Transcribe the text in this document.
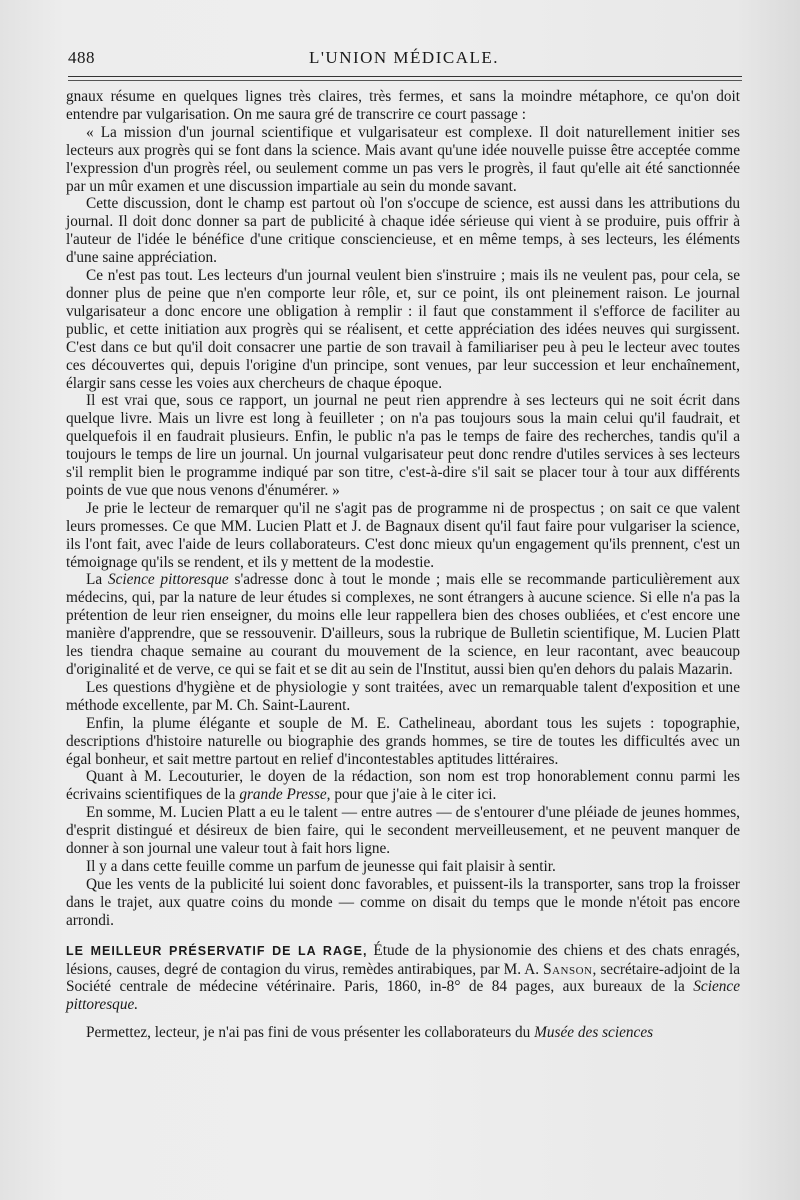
488	L'UNION MÉDICALE.

gnaux résume en quelques lignes très claires, très fermes, et sans la moindre métaphore, ce qu'on doit entendre par vulgarisation. On me saura gré de transcrire ce court passage :

« La mission d'un journal scientifique et vulgarisateur est complexe. Il doit naturellement initier ses lecteurs aux progrès qui se font dans la science. Mais avant qu'une idée nouvelle puisse être acceptée comme l'expression d'un progrès réel, ou seulement comme un pas vers le progrès, il faut qu'elle ait été sanctionnée par un mûr examen et une discussion impartiale au sein du monde savant.

Cette discussion, dont le champ est partout où l'on s'occupe de science, est aussi dans les attributions du journal. Il doit donc donner sa part de publicité à chaque idée sérieuse qui vient à se produire, puis offrir à l'auteur de l'idée le bénéfice d'une critique consciencieuse, et en même temps, à ses lecteurs, les éléments d'une saine appréciation.

Ce n'est pas tout. Les lecteurs d'un journal veulent bien s'instruire ; mais ils ne veulent pas, pour cela, se donner plus de peine que n'en comporte leur rôle, et, sur ce point, ils ont pleinement raison. Le journal vulgarisateur a donc encore une obligation à remplir : il faut que constamment il s'efforce de faciliter au public, et cette initiation aux progrès qui se réalisent, et cette appréciation des idées neuves qui surgissent. C'est dans ce but qu'il doit consacrer une partie de son travail à familiariser peu à peu le lecteur avec toutes ces découvertes qui, depuis l'origine d'un principe, sont venues, par leur succession et leur enchaînement, élargir sans cesse les voies aux chercheurs de chaque époque.

Il est vrai que, sous ce rapport, un journal ne peut rien apprendre à ses lecteurs qui ne soit écrit dans quelque livre. Mais un livre est long à feuilleter ; on n'a pas toujours sous la main celui qu'il faudrait, et quelquefois il en faudrait plusieurs. Enfin, le public n'a pas le temps de faire des recherches, tandis qu'il a toujours le temps de lire un journal. Un journal vulgarisateur peut donc rendre d'utiles services à ses lecteurs s'il remplit bien le programme indiqué par son titre, c'est-à-dire s'il sait se placer tour à tour aux différents points de vue que nous venons d'énumérer. »

Je prie le lecteur de remarquer qu'il ne s'agit pas de programme ni de prospectus ; on sait ce que valent leurs promesses. Ce que MM. Lucien Platt et J. de Bagnaux disent qu'il faut faire pour vulgariser la science, ils l'ont fait, avec l'aide de leurs collaborateurs. C'est donc mieux qu'un engagement qu'ils prennent, c'est un témoignage qu'ils se rendent, et ils y mettent de la modestie.

La Science pittoresque s'adresse donc à tout le monde ; mais elle se recommande particulièrement aux médecins, qui, par la nature de leur études si complexes, ne sont étrangers à aucune science. Si elle n'a pas la prétention de leur rien enseigner, du moins elle leur rappellera bien des choses oubliées, et c'est encore une manière d'apprendre, que se ressouvenir. D'ailleurs, sous la rubrique de Bulletin scientifique, M. Lucien Platt les tiendra chaque semaine au courant du mouvement de la science, en leur racontant, avec beaucoup d'originalité et de verve, ce qui se fait et se dit au sein de l'Institut, aussi bien qu'en dehors du palais Mazarin.

Les questions d'hygiène et de physiologie y sont traitées, avec un remarquable talent d'exposition et une méthode excellente, par M. Ch. Saint-Laurent.

Enfin, la plume élégante et souple de M. E. Cathelineau, abordant tous les sujets : topographie, descriptions d'histoire naturelle ou biographie des grands hommes, se tire de toutes les difficultés avec un égal bonheur, et sait mettre partout en relief d'incontestables aptitudes littéraires.

Quant à M. Lecouturier, le doyen de la rédaction, son nom est trop honorablement connu parmi les écrivains scientifiques de la grande Presse, pour que j'aie à le citer ici.

En somme, M. Lucien Platt a eu le talent — entre autres — de s'entourer d'une pléiade de jeunes hommes, d'esprit distingué et désireux de bien faire, qui le secondent merveilleusement, et ne peuvent manquer de donner à son journal une valeur tout à fait hors ligne.

Il y a dans cette feuille comme un parfum de jeunesse qui fait plaisir à sentir.

Que les vents de la publicité lui soient donc favorables, et puissent-ils la transporter, sans trop la froisser dans le trajet, aux quatre coins du monde — comme on disait du temps que le monde n'étoit pas encore arrondi.

LE MEILLEUR PRÉSERVATIF DE LA RAGE, Étude de la physionomie des chiens et des chats enragés, lésions, causes, degré de contagion du virus, remèdes antirabiques, par M. A. Sanson, secrétaire-adjoint de la Société centrale de médecine vétérinaire. Paris, 1860, in-8° de 84 pages, aux bureaux de la Science pittoresque.

Permettez, lecteur, je n'ai pas fini de vous présenter les collaborateurs du Musée des sciences
